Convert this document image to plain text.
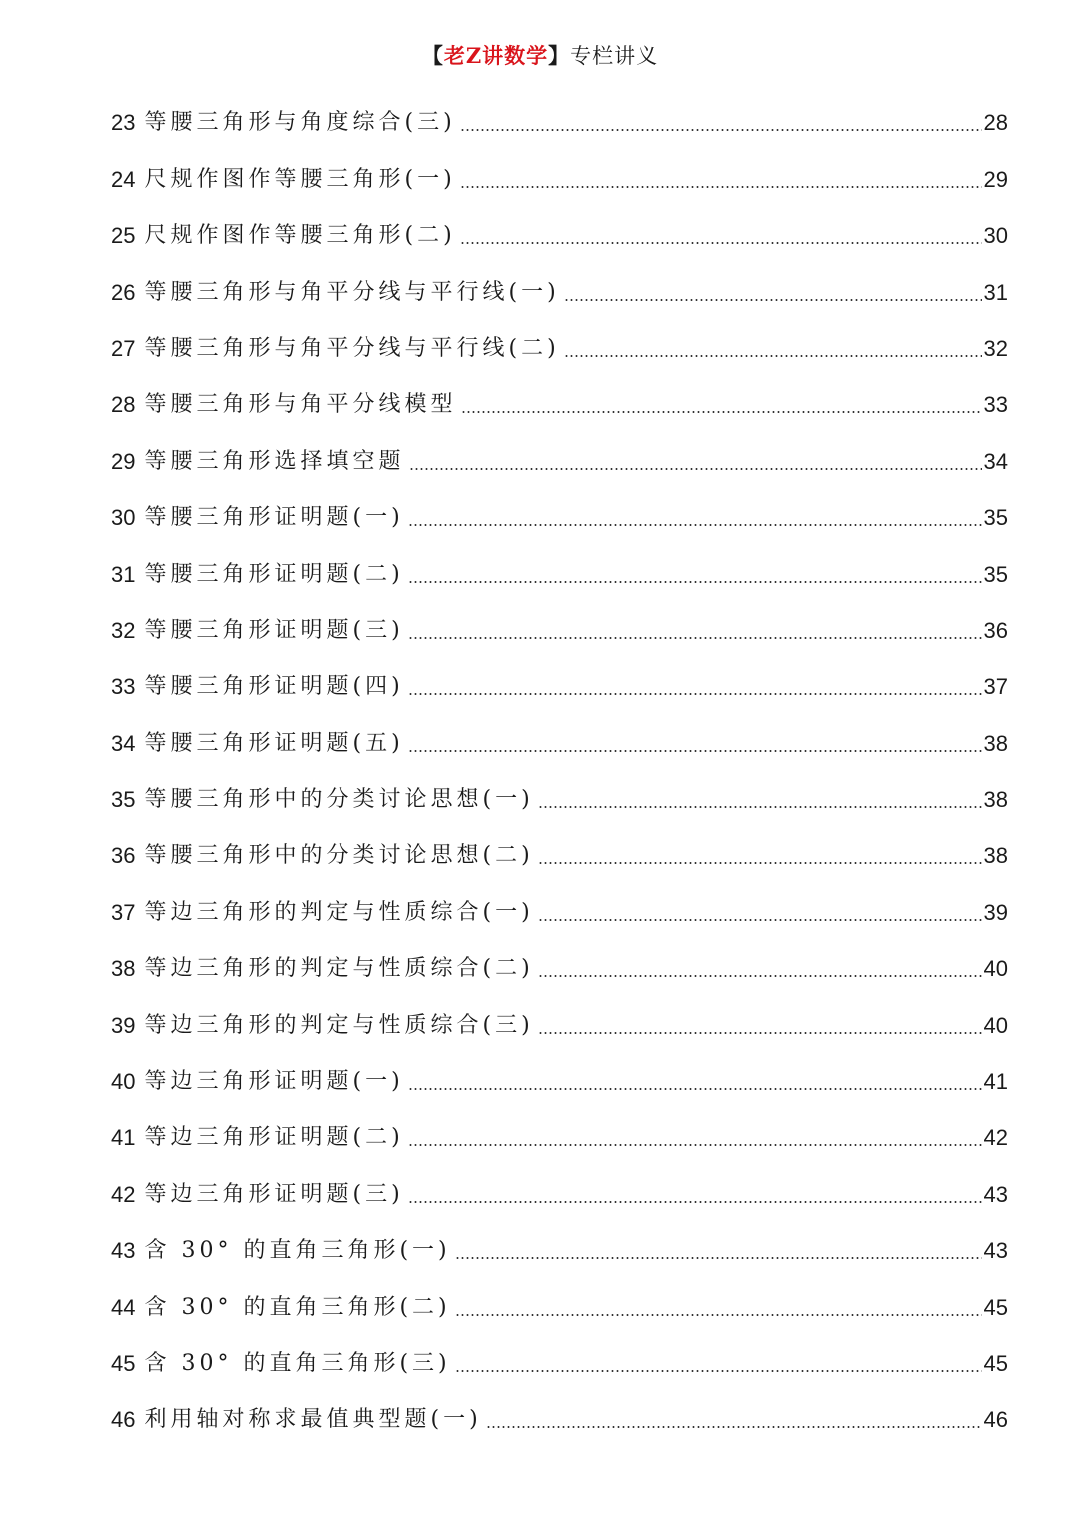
【老Z讲数学】专栏讲义
23 等腰三角形与角度综合(三)	28
24 尺规作图作等腰三角形(一)	29
25 尺规作图作等腰三角形(二)	30
26 等腰三角形与角平分线与平行线(一)	31
27 等腰三角形与角平分线与平行线(二)	32
28 等腰三角形与角平分线模型	33
29 等腰三角形选择填空题	34
30 等腰三角形证明题(一)	35
31 等腰三角形证明题(二)	35
32 等腰三角形证明题(三)	36
33 等腰三角形证明题(四)	37
34 等腰三角形证明题(五)	38
35 等腰三角形中的分类讨论思想(一)	38
36 等腰三角形中的分类讨论思想(二)	38
37 等边三角形的判定与性质综合(一)	39
38 等边三角形的判定与性质综合(二)	40
39 等边三角形的判定与性质综合(三)	40
40 等边三角形证明题(一)	41
41 等边三角形证明题(二)	42
42 等边三角形证明题(三)	43
43 含 30° 的直角三角形(一)	43
44 含 30° 的直角三角形(二)	45
45 含 30° 的直角三角形(三)	45
46 利用轴对称求最值典型题(一)	46
